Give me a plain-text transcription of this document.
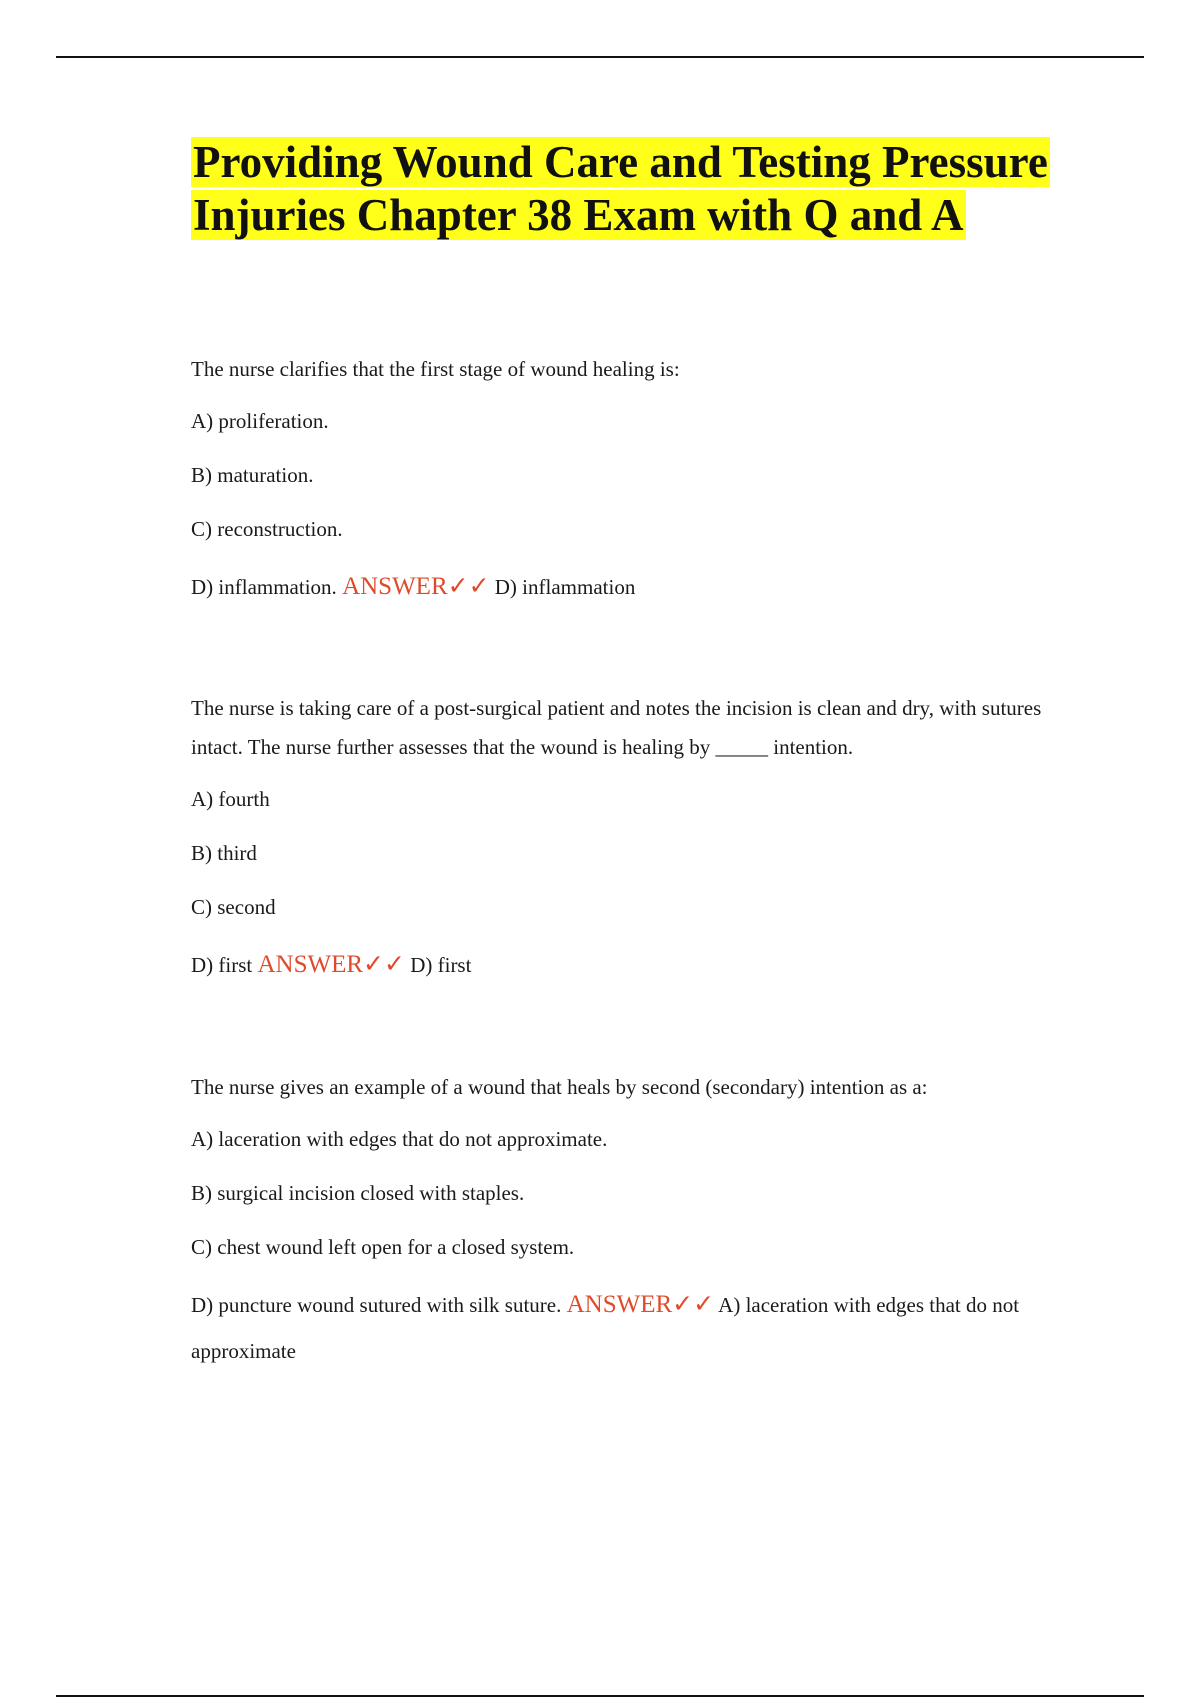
Providing Wound Care and Testing Pressure Injuries Chapter 38 Exam with Q and A

The nurse clarifies that the first stage of wound healing is:

A) proliferation.

B) maturation.

C) reconstruction.

D) inflammation. ANSWER✓✓ D) inflammation

The nurse is taking care of a post-surgical patient and notes the incision is clean and dry, with sutures intact. The nurse further assesses that the wound is healing by _____ intention.

A) fourth

B) third

C) second

D) first ANSWER✓✓ D) first

The nurse gives an example of a wound that heals by second (secondary) intention as a:

A) laceration with edges that do not approximate.

B) surgical incision closed with staples.

C) chest wound left open for a closed system.

D) puncture wound sutured with silk suture. ANSWER✓✓ A) laceration with edges that do not approximate
